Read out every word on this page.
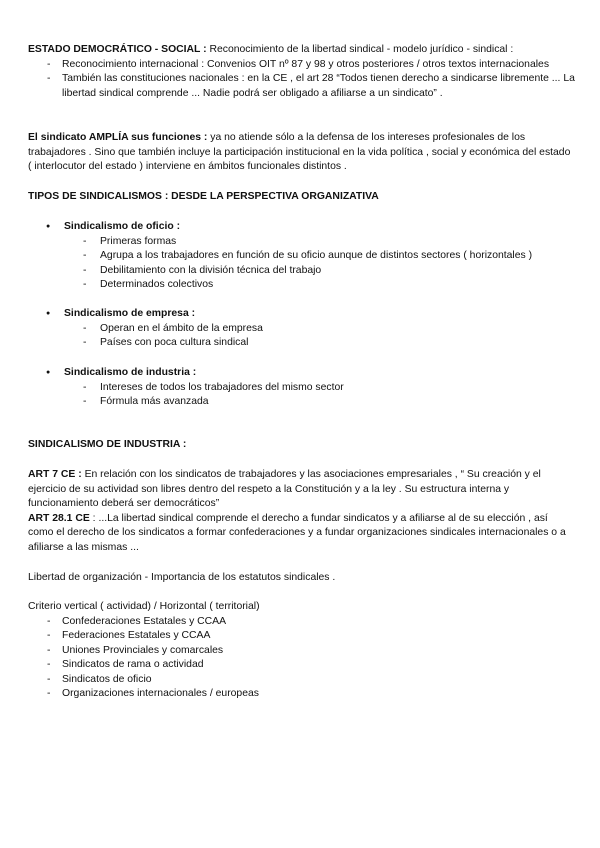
ESTADO DEMOCRÁTICO - SOCIAL : Reconocimiento de la libertad sindical - modelo jurídico - sindical :

- Reconocimiento internacional : Convenios OIT nº 87 y 98 y otros posteriores / otros textos internacionales
- También las constituciones nacionales : en la CE , el art 28 “Todos tienen derecho a sindicarse libremente ... La libertad sindical comprende ... Nadie podrá ser obligado a afiliarse a un sindicato” .

El sindicato AMPLÍA sus funciones : ya no atiende sólo a la defensa de los intereses profesionales de los trabajadores . Sino que también incluye la participación institucional en la vida política , social y económica del estado ( interlocutor del estado ) interviene en ámbitos funcionales distintos .

TIPOS DE SINDICALISMOS : DESDE LA PERSPECTIVA ORGANIZATIVA

● Sindicalismo de oficio :
- Primeras formas
- Agrupa a los trabajadores en función de su oficio aunque de distintos sectores ( horizontales )
- Debilitamiento con la división técnica del trabajo
- Determinados colectivos
● Sindicalismo de empresa :
- Operan en el ámbito de la empresa
- Países con poca cultura sindical
● Sindicalismo de industria :
- Intereses de todos los trabajadores del mismo sector
- Fórmula más avanzada

SINDICALISMO DE INDUSTRIA :

ART 7 CE : En relación con los sindicatos de trabajadores y las asociaciones empresariales , “ Su creación y el ejercicio de su actividad son libres dentro del respeto a la Constitución y a la ley . Su estructura interna y funcionamiento deberá ser democráticos”

ART 28.1 CE : ...La libertad sindical comprende el derecho a fundar sindicatos y a afiliarse al de su elección , así como el derecho de los sindicatos a formar confederaciones y a fundar organizaciones sindicales internacionales o a afiliarse a las mismas ...

Libertad de organización - Importancia de los estatutos sindicales .

Criterio vertical ( actividad) / Horizontal ( territorial)

- Confederaciones Estatales y CCAA
- Federaciones Estatales y CCAA
- Uniones Provinciales y comarcales
- Sindicatos de rama o actividad
- Sindicatos de oficio
- Organizaciones internacionales / europeas
